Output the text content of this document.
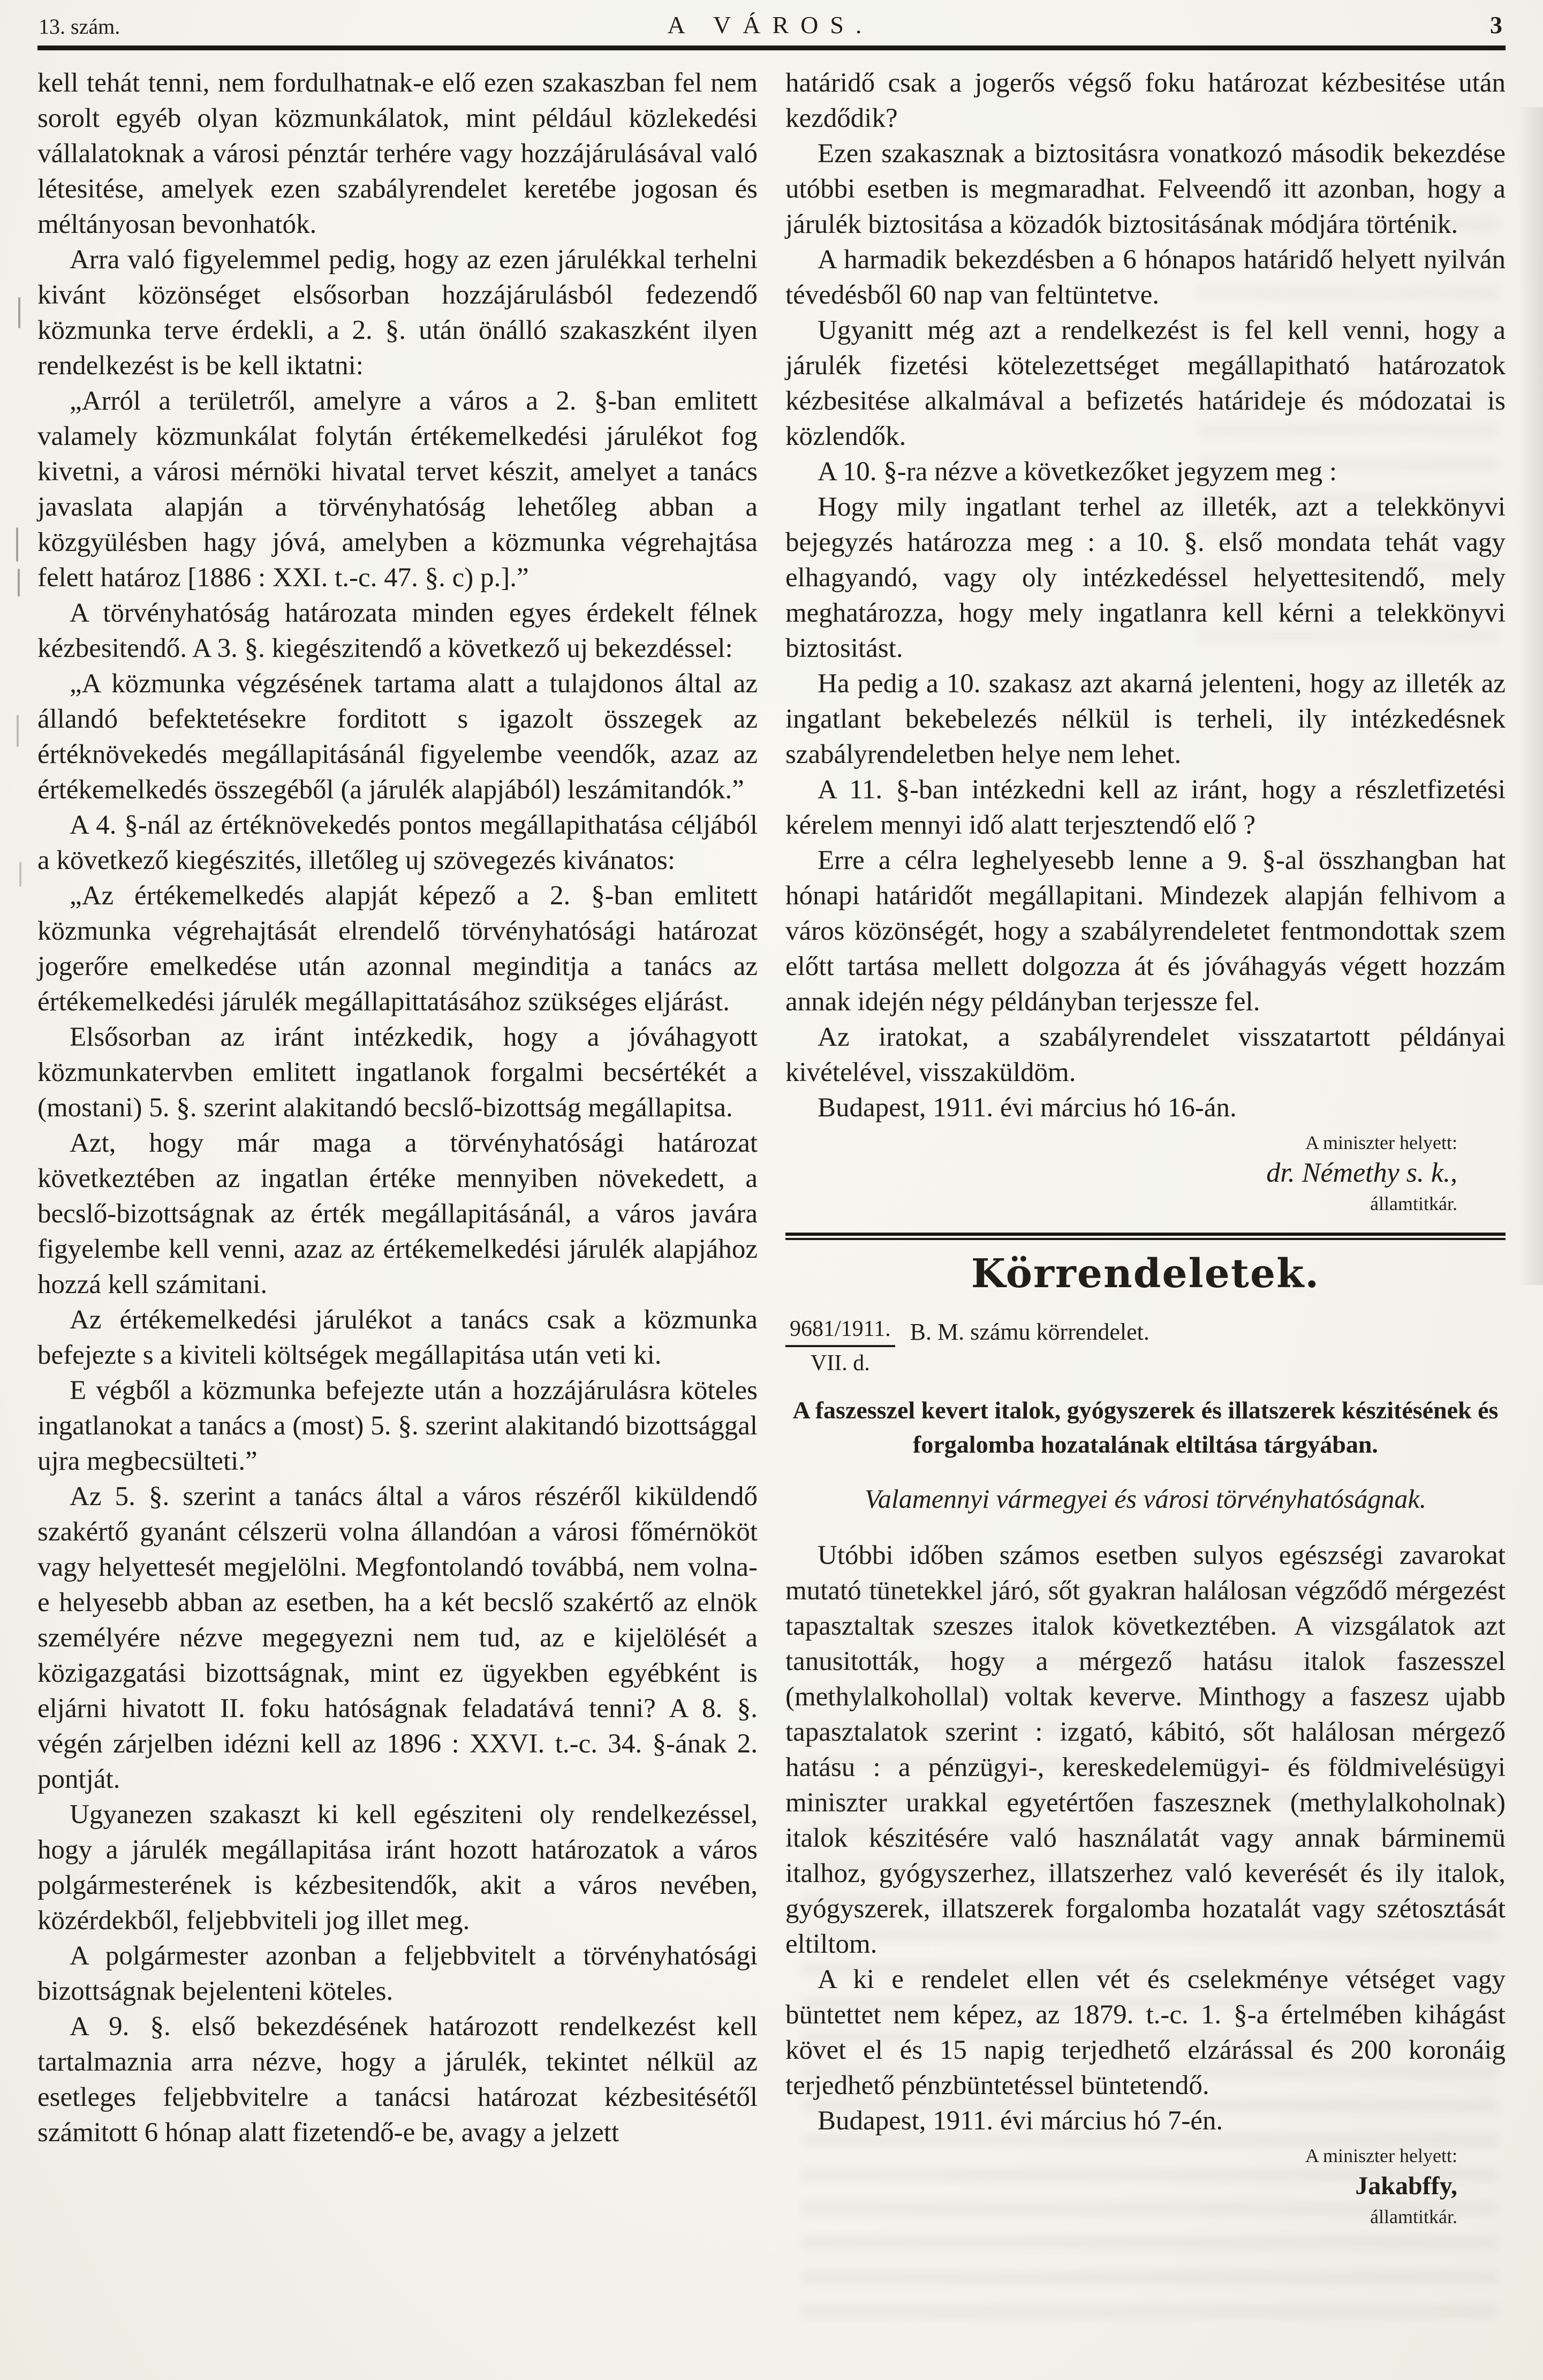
13. szám.	A VÁROS.	3

kell tehát tenni, nem fordulhatnak-e elő ezen szakaszban fel nem sorolt egyéb olyan közmunkálatok, mint például közlekedési vállalatoknak a városi pénztár terhére vagy hozzájárulásával való létesitése, amelyek ezen szabályrendelet keretébe jogosan és méltányosan bevonhatók.

Arra való figyelemmel pedig, hogy az ezen járulékkal terhelni kivánt közönséget elsősorban hozzájárulásból fedezendő közmunka terve érdekli, a 2. §. után önálló szakaszként ilyen rendelkezést is be kell iktatni:

„Arról a területről, amelyre a város a 2. §-ban emlitett valamely közmunkálat folytán értékemelkedési járulékot fog kivetni, a városi mérnöki hivatal tervet készit, amelyet a tanács javaslata alapján a törvényhatóság lehetőleg abban a közgyülésben hagy jóvá, amelyben a közmunka végrehajtása felett határoz [1886 : XXI. t.-c. 47. §. c) p.].”

A törvényhatóság határozata minden egyes érdekelt félnek kézbesitendő. A 3. §. kiegészitendő a következő uj bekezdéssel:

„A közmunka végzésének tartama alatt a tulajdonos által az állandó befektetésekre forditott s igazolt összegek az értéknövekedés megállapitásánál figyelembe veendők, azaz az értékemelkedés összegéből (a járulék alapjából) leszámitandók.”

A 4. §-nál az értéknövekedés pontos megállapithatása céljából a következő kiegészités, illetőleg uj szövegezés kivánatos:

„Az értékemelkedés alapját képező a 2. §-ban emlitett közmunka végrehajtását elrendelő törvényhatósági határozat jogerőre emelkedése után azonnal meginditja a tanács az értékemelkedési járulék megállapittatásához szükséges eljárást.

Elsősorban az iránt intézkedik, hogy a jóváhagyott közmunkatervben emlitett ingatlanok forgalmi becsértékét a (mostani) 5. §. szerint alakitandó becslő-bizottság megállapitsa.

Azt, hogy már maga a törvényhatósági határozat következtében az ingatlan értéke mennyiben növekedett, a becslő-bizottságnak az érték megállapitásánál, a város javára figyelembe kell venni, azaz az értékemelkedési járulék alapjához hozzá kell számitani.

Az értékemelkedési járulékot a tanács csak a közmunka befejezte s a kiviteli költségek megállapitása után veti ki.

E végből a közmunka befejezte után a hozzájárulásra köteles ingatlanokat a tanács a (most) 5. §. szerint alakitandó bizottsággal ujra megbecsülteti.”

Az 5. §. szerint a tanács által a város részéről kiküldendő szakértő gyanánt célszerü volna állandóan a városi főmérnököt vagy helyettesét megjelölni. Megfontolandó továbbá, nem volna-e helyesebb abban az esetben, ha a két becslő szakértő az elnök személyére nézve megegyezni nem tud, az e kijelölését a közigazgatási bizottságnak, mint ez ügyekben egyébként is eljárni hivatott II. foku hatóságnak feladatává tenni? A 8. §. végén zárjelben idézni kell az 1896 : XXVI. t.-c. 34. §-ának 2. pontját.

Ugyanezen szakaszt ki kell egésziteni oly rendelkezéssel, hogy a járulék megállapitása iránt hozott határozatok a város polgármesterének is kézbesitendők, akit a város nevében, közérdekből, feljebbviteli jog illet meg.

A polgármester azonban a feljebbvitelt a törvényhatósági bizottságnak bejelenteni köteles.

A 9. §. első bekezdésének határozott rendelkezést kell tartalmaznia arra nézve, hogy a járulék, tekintet nélkül az esetleges feljebbvitelre a tanácsi határozat kézbesitésétől számitott 6 hónap alatt fizetendő-e be, avagy a jelzett

határidő csak a jogerős végső foku határozat kézbesitése után kezdődik?

Ezen szakasznak a biztositásra vonatkozó második bekezdése utóbbi esetben is megmaradhat. Felveendő itt azonban, hogy a járulék biztositása a közadók biztositásának módjára történik.

A harmadik bekezdésben a 6 hónapos határidő helyett nyilván tévedésből 60 nap van feltüntetve.

Ugyanitt még azt a rendelkezést is fel kell venni, hogy a járulék fizetési kötelezettséget megállapitható határozatok kézbesitése alkalmával a befizetés határideje és módozatai is közlendők.

A 10. §-ra nézve a következőket jegyzem meg :

Hogy mily ingatlant terhel az illeték, azt a telekkönyvi bejegyzés határozza meg : a 10. §. első mondata tehát vagy elhagyandó, vagy oly intézkedéssel helyettesitendő, mely meghatározza, hogy mely ingatlanra kell kérni a telekkönyvi biztositást.

Ha pedig a 10. szakasz azt akarná jelenteni, hogy az illeték az ingatlant bekebelezés nélkül is terheli, ily intézkedésnek szabályrendeletben helye nem lehet.

A 11. §-ban intézkedni kell az iránt, hogy a részletfizetési kérelem mennyi idő alatt terjesztendő elő ?

Erre a célra leghelyesebb lenne a 9. §-al összhangban hat hónapi határidőt megállapitani. Mindezek alapján felhivom a város közönségét, hogy a szabályrendeletet fentmondottak szem előtt tartása mellett dolgozza át és jóváhagyás végett hozzám annak idején négy példányban terjessze fel.

Az iratokat, a szabályrendelet visszatartott példányai kivételével, visszaküldöm.

Budapest, 1911. évi március hó 16-án.

A miniszter helyett:
dr. Némethy s. k.,
államtitkár.
Körrendeletek.
$\frac{9681/1911.}{\text{VII. d.}} B$. M. számu körrendelet.
A faszesszel kevert italok, gyógyszerek és illatszerek készitésének és forgalomba hozatalának eltiltása tárgyában.

Valamennyi vármegyei és városi törvényhatóságnak.

Utóbbi időben számos esetben sulyos egészségi zavarokat mutató tünetekkel járó, sőt gyakran halálosan végződő mérgezést tapasztaltak szeszes italok következtében. A vizsgálatok azt tanusitották, hogy a mérgező hatásu italok faszesszel (methylalkohollal) voltak keverve. Minthogy a faszesz ujabb tapasztalatok szerint : izgató, kábitó, sőt halálosan mérgező hatásu : a pénzügyi-, kereskedelemügyi- és földmivelésügyi miniszter urakkal egyetértően faszesznek (methylalkoholnak) italok készitésére való használatát vagy annak bárminemü italhoz, gyógyszerhez, illatszerhez való keverését és ily italok, gyógyszerek, illatszerek forgalomba hozatalát vagy szétosztását eltiltom.

A ki e rendelet ellen vét és cselekménye vétséget vagy büntettet nem képez, az 1879. t.-c. 1. §-a értelmében kihágást követ el és 15 napig terjedhető elzárással és 200 koronáig terjedhető pénzbüntetéssel büntetendő.

Budapest, 1911. évi március hó 7-én.

A miniszter helyett:
Jakabffy,
államtitkár.
